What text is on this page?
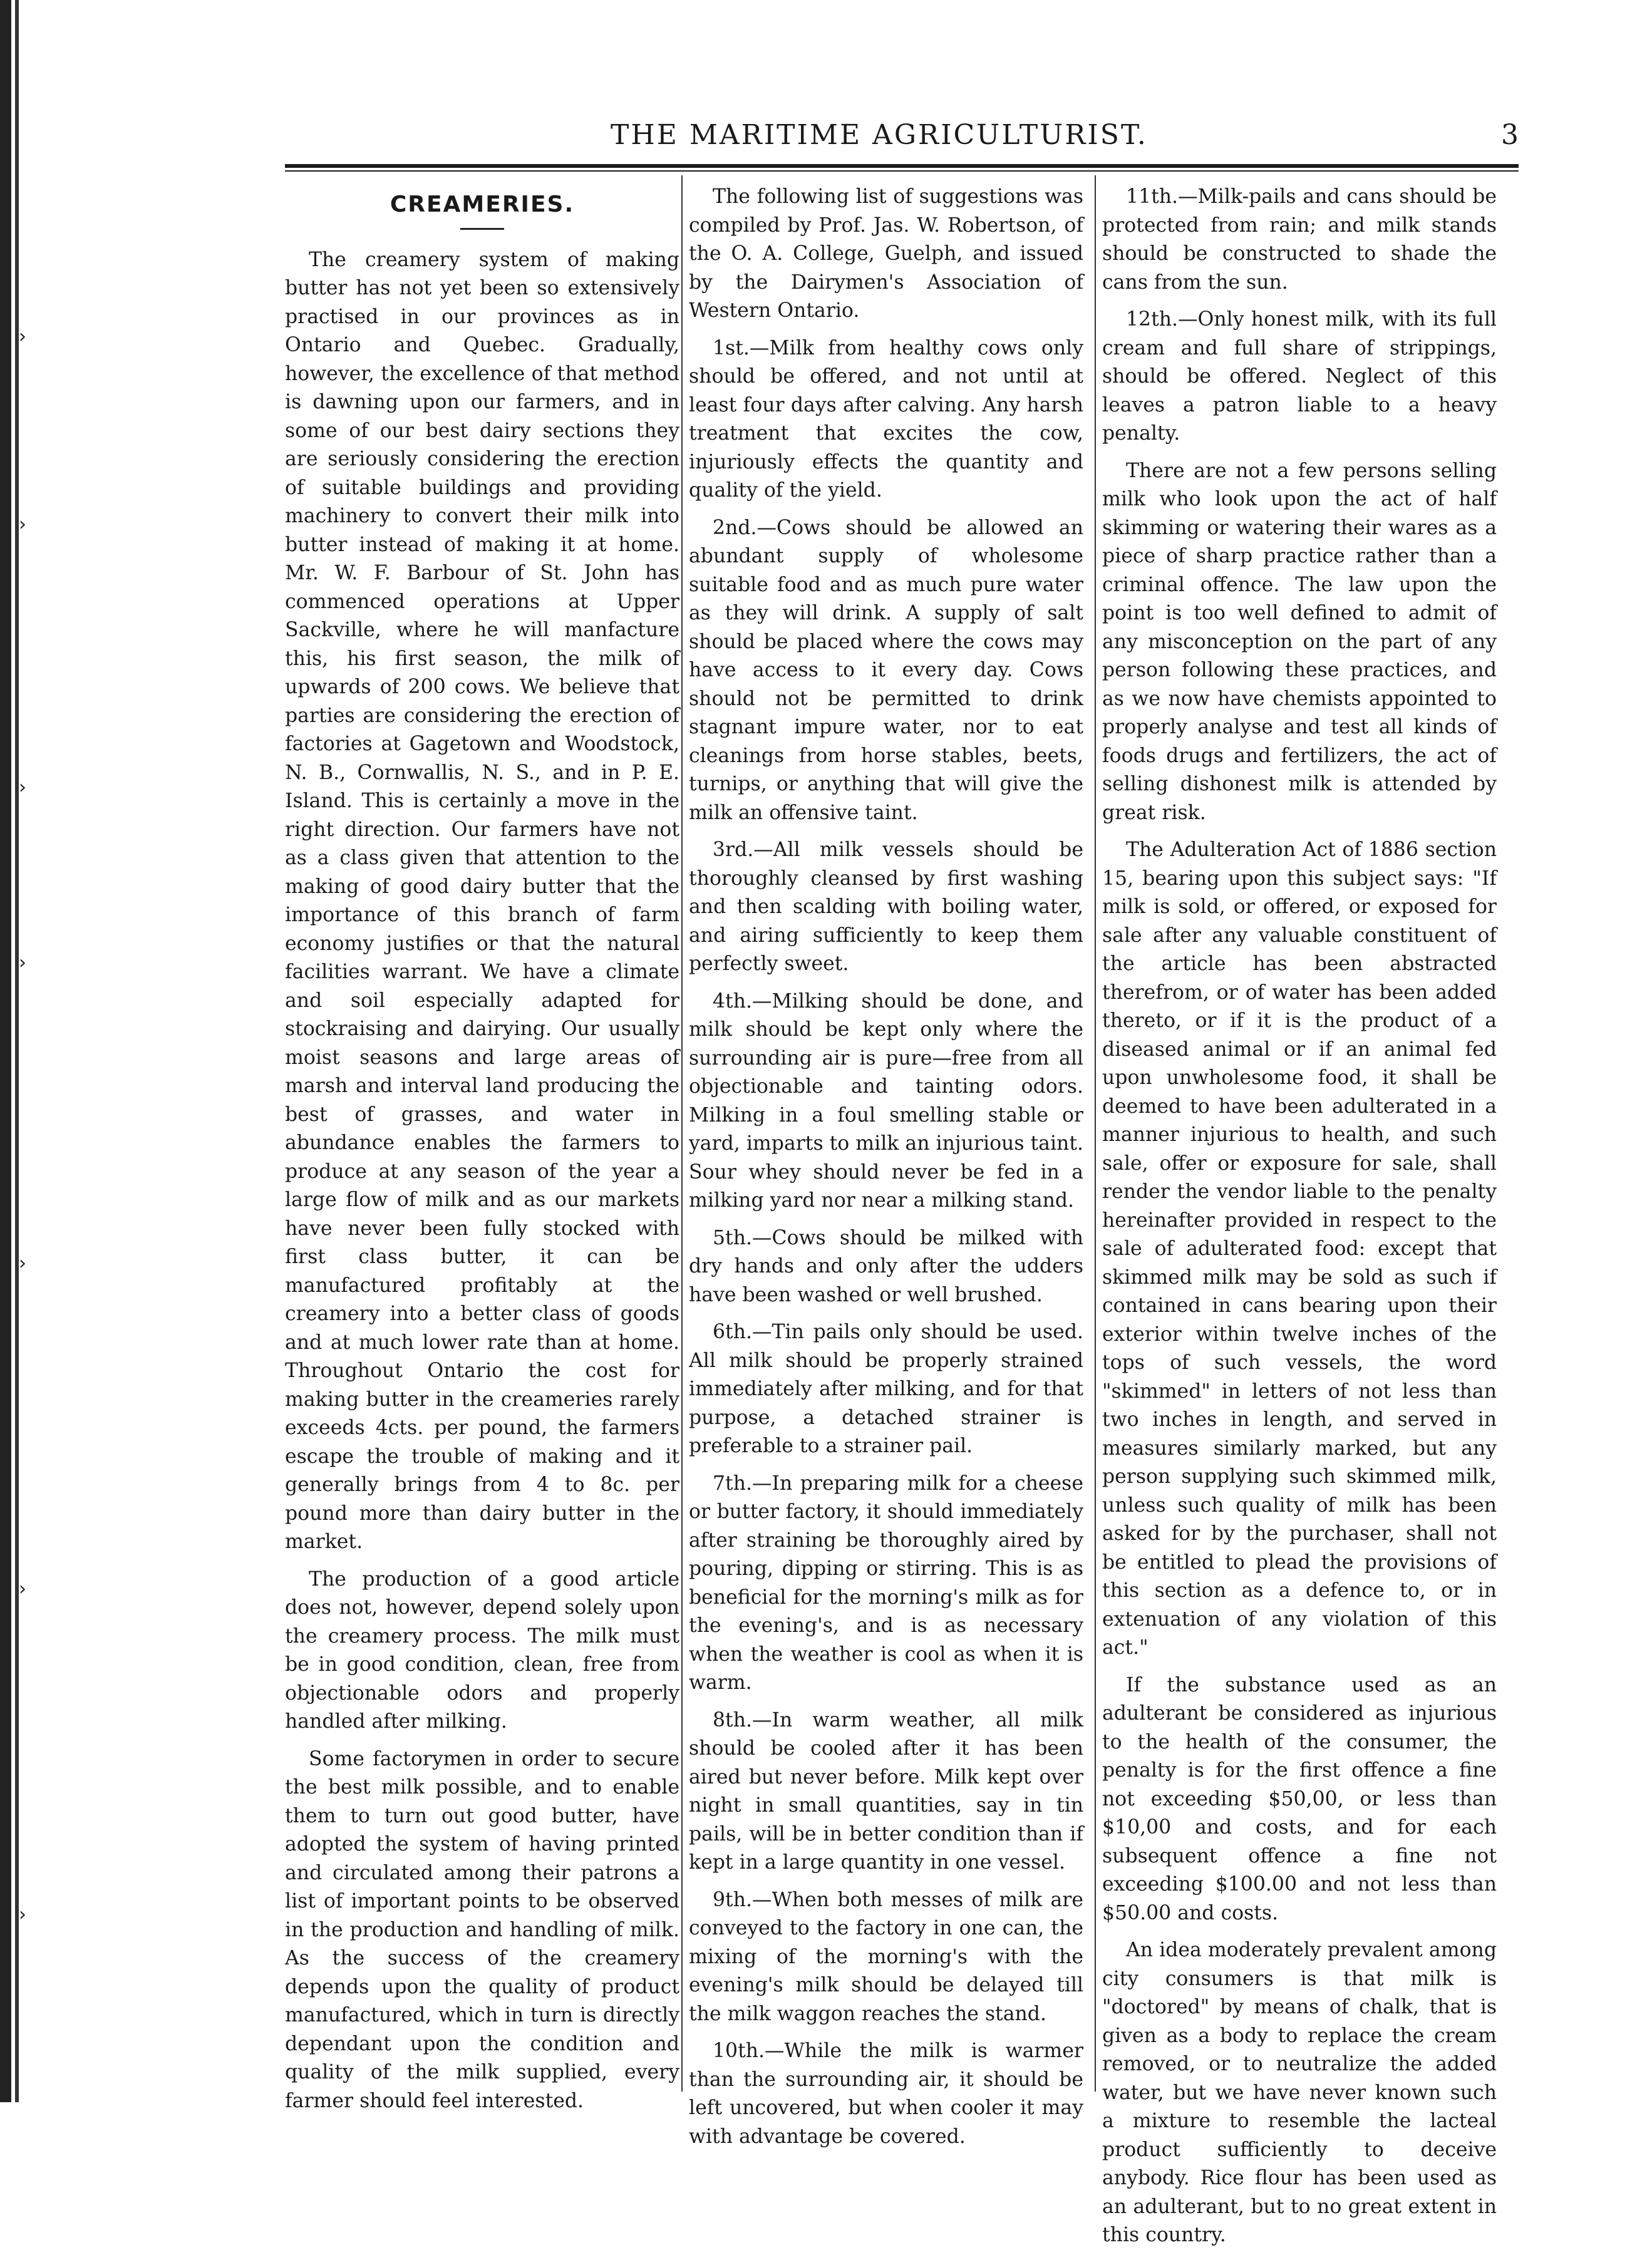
›
›
›
›
›
›
›
THE MARITIME AGRICULTURIST.	3
CREAMERIES.

The creamery system of making butter has not yet been so extensively practised in our provinces as in Ontario and Quebec. Gradually, however, the excellence of that method is dawning upon our farmers, and in some of our best dairy sections they are seriously considering the erection of suitable buildings and providing machinery to convert their milk into butter instead of making it at home. Mr. W. F. Barbour of St. John has commenced operations at Upper Sackville, where he will manfacture this, his first season, the milk of upwards of 200 cows. We believe that parties are considering the erection of factories at Gagetown and Woodstock, N. B., Cornwallis, N. S., and in P. E. Island. This is certainly a move in the right direction. Our farmers have not as a class given that attention to the making of good dairy butter that the importance of this branch of farm economy justifies or that the natural facilities warrant. We have a climate and soil especially adapted for stockraising and dairying. Our usually moist seasons and large areas of marsh and interval land producing the best of grasses, and water in abundance enables the farmers to produce at any season of the year a large flow of milk and as our markets have never been fully stocked with first class butter, it can be manufactured profitably at the creamery into a better class of goods and at much lower rate than at home. Throughout Ontario the cost for making butter in the creameries rarely exceeds 4cts. per pound, the farmers escape the trouble of making and it generally brings from 4 to 8c. per pound more than dairy butter in the market.

The production of a good article does not, however, depend solely upon the creamery process. The milk must be in good condition, clean, free from objectionable odors and properly handled after milking.

Some factorymen in order to secure the best milk possible, and to enable them to turn out good butter, have adopted the system of having printed and circulated among their patrons a list of important points to be observed in the production and handling of milk. As the success of the creamery depends upon the quality of product manufactured, which in turn is directly dependant upon the condition and quality of the milk supplied, every farmer should feel interested.

The following list of suggestions was compiled by Prof. Jas. W. Robertson, of the O. A. College, Guelph, and issued by the Dairymen's Association of Western Ontario.

1st.—Milk from healthy cows only should be offered, and not until at least four days after calving. Any harsh treatment that excites the cow, injuriously effects the quantity and quality of the yield.

2nd.—Cows should be allowed an abundant supply of wholesome suitable food and as much pure water as they will drink. A supply of salt should be placed where the cows may have access to it every day. Cows should not be permitted to drink stagnant impure water, nor to eat cleanings from horse stables, beets, turnips, or anything that will give the milk an offensive taint.

3rd.—All milk vessels should be thoroughly cleansed by first washing and then scalding with boiling water, and airing sufficiently to keep them perfectly sweet.

4th.—Milking should be done, and milk should be kept only where the surrounding air is pure—free from all objectionable and tainting odors. Milking in a foul smelling stable or yard, imparts to milk an injurious taint. Sour whey should never be fed in a milking yard nor near a milking stand.

5th.—Cows should be milked with dry hands and only after the udders have been washed or well brushed.

6th.—Tin pails only should be used. All milk should be properly strained immediately after milking, and for that purpose, a detached strainer is preferable to a strainer pail.

7th.—In preparing milk for a cheese or butter factory, it should immediately after straining be thoroughly aired by pouring, dipping or stirring. This is as beneficial for the morning's milk as for the evening's, and is as necessary when the weather is cool as when it is warm.

8th.—In warm weather, all milk should be cooled after it has been aired but never before. Milk kept over night in small quantities, say in tin pails, will be in better condition than if kept in a large quantity in one vessel.

9th.—When both messes of milk are conveyed to the factory in one can, the mixing of the morning's with the evening's milk should be delayed till the milk waggon reaches the stand.

10th.—While the milk is warmer than the surrounding air, it should be left uncovered, but when cooler it may with advantage be covered.

11th.—Milk-pails and cans should be protected from rain; and milk stands should be constructed to shade the cans from the sun.

12th.—Only honest milk, with its full cream and full share of strippings, should be offered. Neglect of this leaves a patron liable to a heavy penalty.

There are not a few persons selling milk who look upon the act of half skimming or watering their wares as a piece of sharp practice rather than a criminal offence. The law upon the point is too well defined to admit of any misconception on the part of any person following these practices, and as we now have chemists appointed to properly analyse and test all kinds of foods drugs and fertilizers, the act of selling dishonest milk is attended by great risk.

The Adulteration Act of 1886 section 15, bearing upon this subject says: "If milk is sold, or offered, or exposed for sale after any valuable constituent of the article has been abstracted therefrom, or of water has been added thereto, or if it is the product of a diseased animal or if an animal fed upon unwholesome food, it shall be deemed to have been adulterated in a manner injurious to health, and such sale, offer or exposure for sale, shall render the vendor liable to the penalty hereinafter provided in respect to the sale of adulterated food: except that skimmed milk may be sold as such if contained in cans bearing upon their exterior within twelve inches of the tops of such vessels, the word "skimmed" in letters of not less than two inches in length, and served in measures similarly marked, but any person supplying such skimmed milk, unless such quality of milk has been asked for by the purchaser, shall not be entitled to plead the provisions of this section as a defence to, or in extenuation of any violation of this act."

If the substance used as an adulterant be considered as injurious to the health of the consumer, the penalty is for the first offence a fine not exceeding $50,00, or less than $10,00 and costs, and for each subsequent offence a fine not exceeding $100.00 and not less than $50.00 and costs.

An idea moderately prevalent among city consumers is that milk is "doctored" by means of chalk, that is given as a body to replace the cream removed, or to neutralize the added water, but we have never known such a mixture to resemble the lacteal product sufficiently to deceive anybody. Rice flour has been used as an adulterant, but to no great extent in this country.
